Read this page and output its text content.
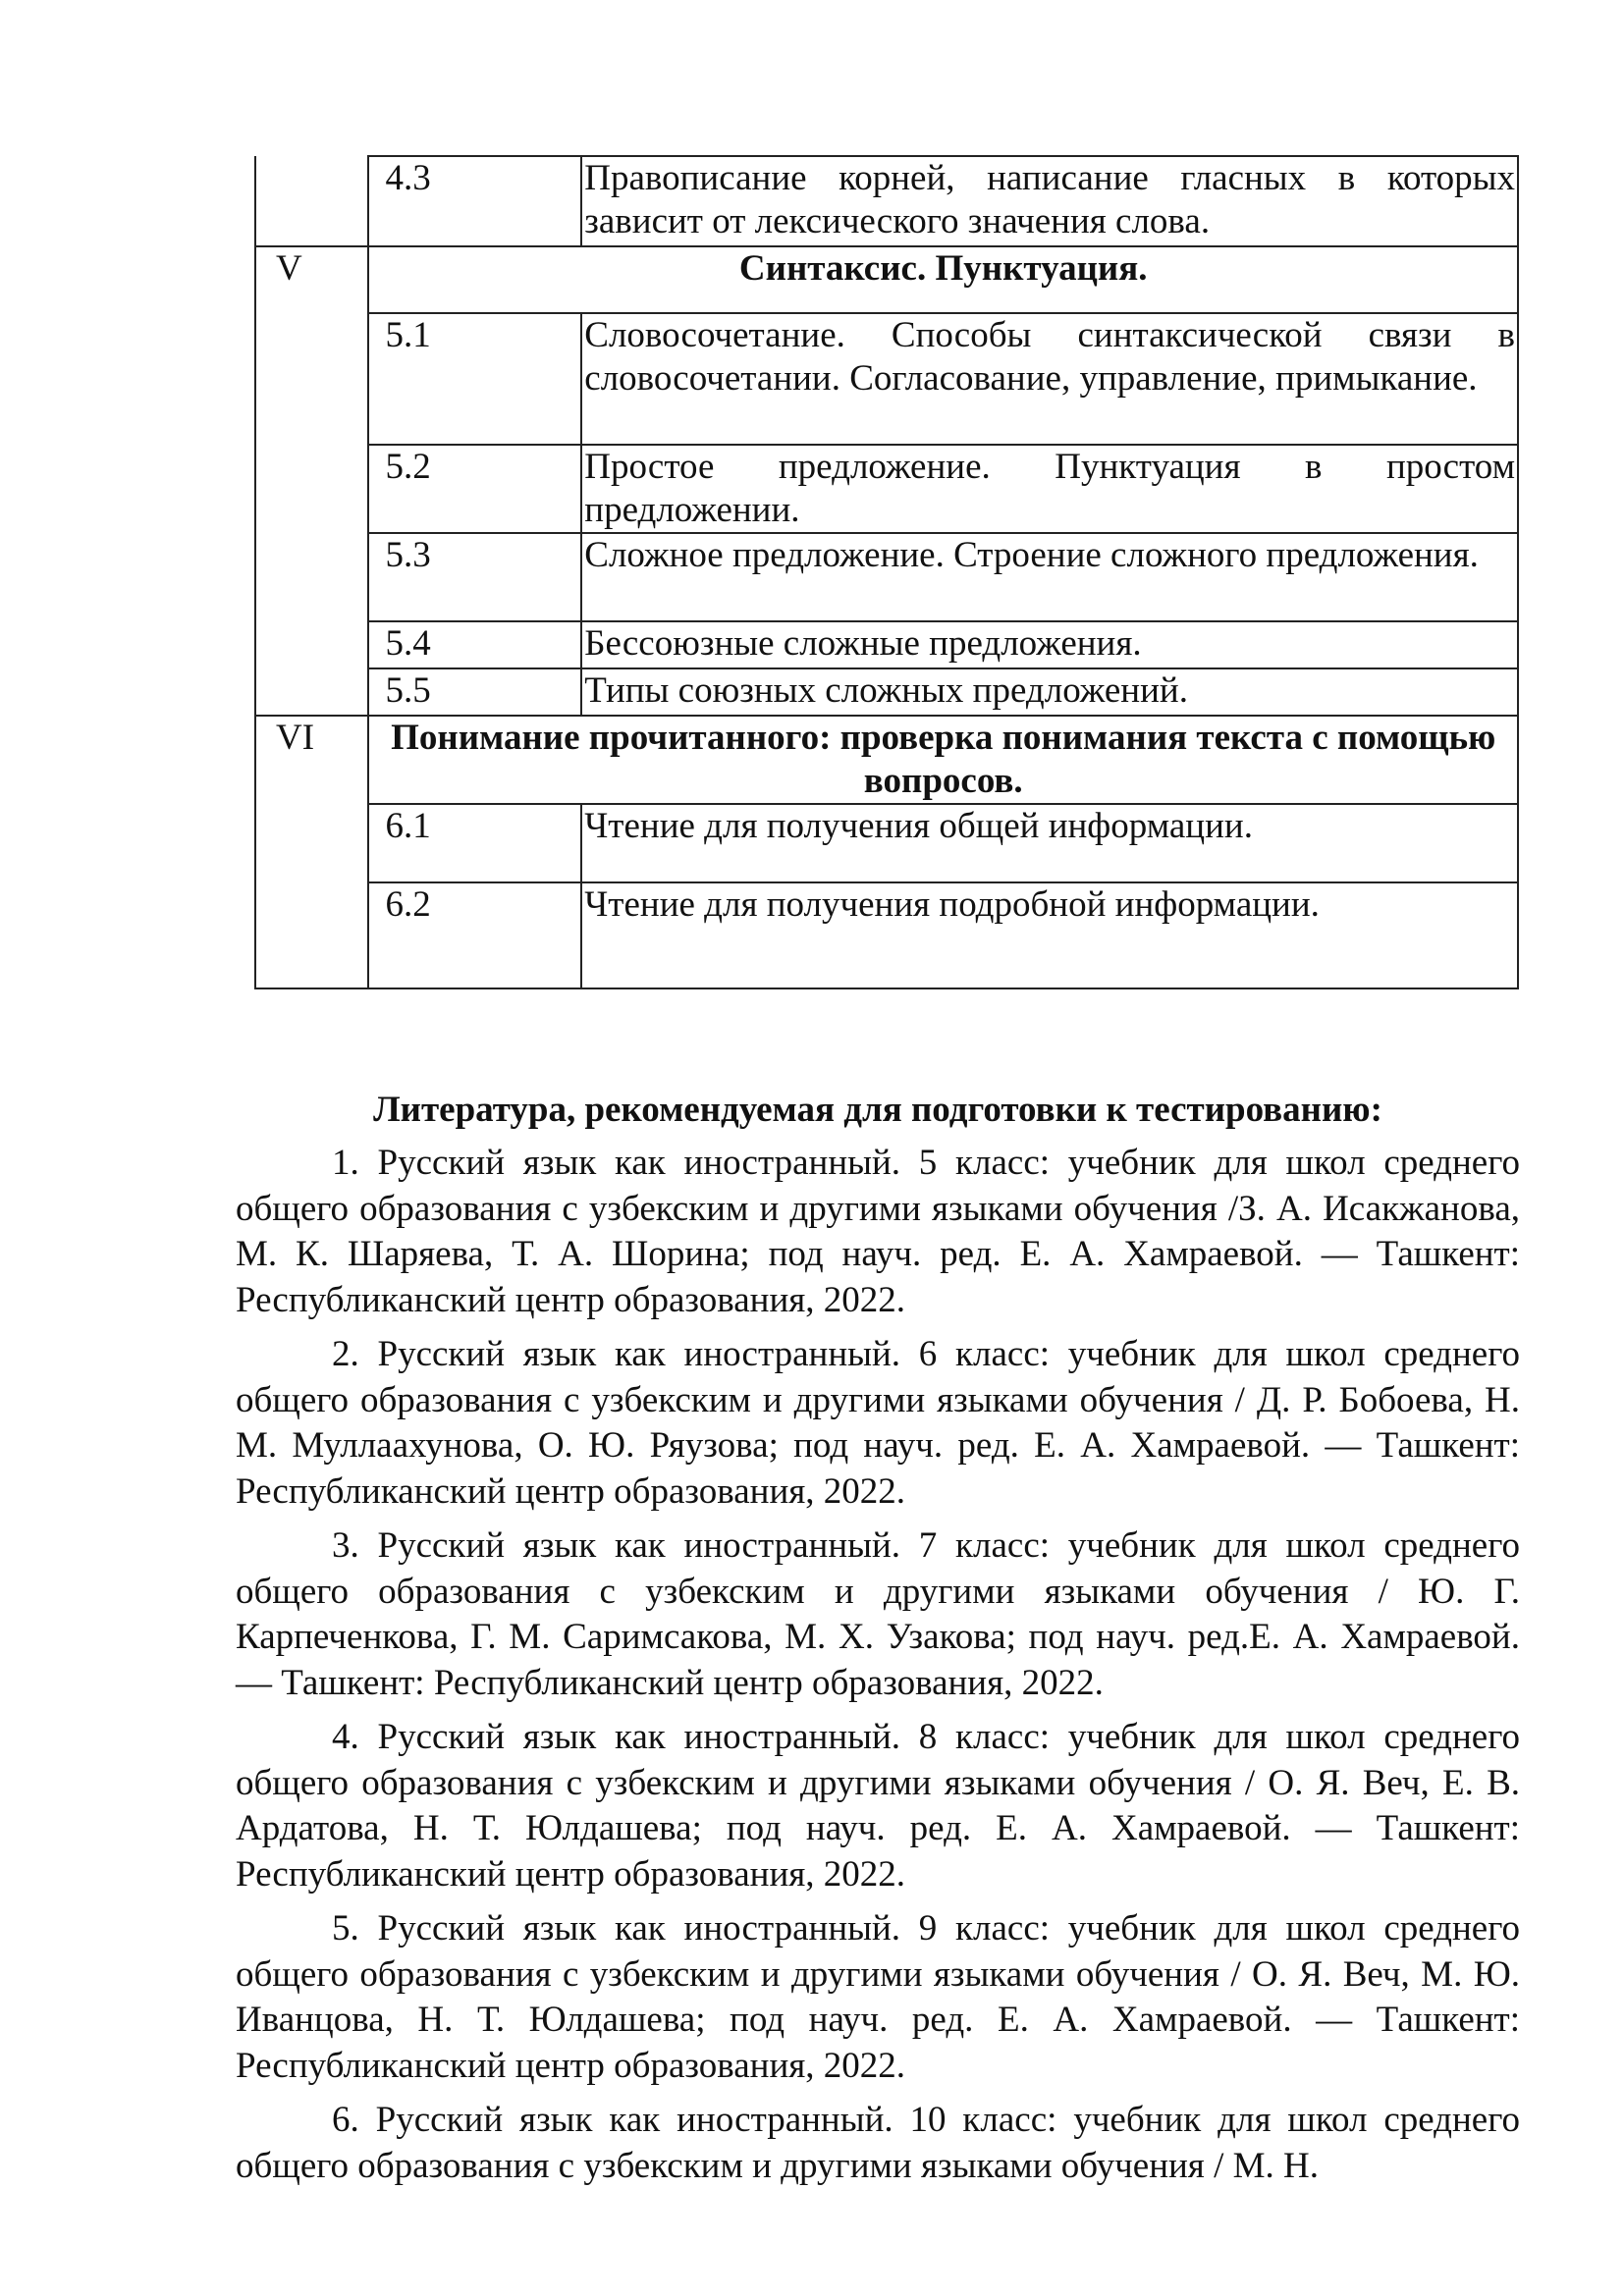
	4.3	Правописание корней, написание гласных в которых зависит от лексического значения слова.
V	Синтаксис. Пунктуация.	
	5.1	Словосочетание. Способы синтаксической связи в словосочетании. Согласование, управление, примыкание.
	5.2	Простое предложение. Пунктуация в простом предложении.
	5.3	Сложное предложение. Строение сложного предложения.
	5.4	Бессоюзные сложные предложения.
	5.5	Типы союзных сложных предложений.
VI	Понимание прочитанного: проверка понимания текста с помощью вопросов.	
	6.1	Чтение для получения общей информации.
	6.2	Чтение для получения подробной информации.
Литература, рекомендуемая для подготовки к тестированию:
1. Русский язык как иностранный. 5 класс: учебник для школ среднего общего образования с узбекским и другими языками обучения /З. А. Исакжанова, М. К. Шаряева, Т. А. Шорина; под науч. ред. Е. А. Хамраевой. — Ташкент: Республиканский центр образования, 2022.
2. Русский язык как иностранный. 6 класс: учебник для школ среднего общего образования с узбекским и другими языками обучения / Д. Р. Бобоева, Н. М. Муллаахунова, О. Ю. Ряузова; под науч. ред. Е. А. Хамраевой. — Ташкент: Республиканский центр образования, 2022.
3. Русский язык как иностранный. 7 класс: учебник для школ среднего общего образования с узбекским и другими языками обучения / Ю. Г. Карпеченкова, Г. М. Саримсакова, М. Х. Узакова; под науч. ред.Е. А. Хамраевой. — Ташкент: Республиканский центр образования, 2022.
4. Русский язык как иностранный. 8 класс: учебник для школ среднего общего образования с узбекским и другими языками обучения / О. Я. Веч, Е. В. Ардатова, Н. Т. Юлдашева; под науч. ред. Е. А. Хамраевой. — Ташкент: Республиканский центр образования, 2022.
5. Русский язык как иностранный. 9 класс: учебник для школ среднего общего образования с узбекским и другими языками обучения / О. Я. Веч, М. Ю. Иванцова, Н. Т. Юлдашева; под науч. ред. Е. А. Хамраевой. — Ташкент: Республиканский центр образования, 2022.
6. Русский язык как иностранный. 10 класс: учебник для школ среднего общего образования с узбекским и другими языками обучения / М. Н.
